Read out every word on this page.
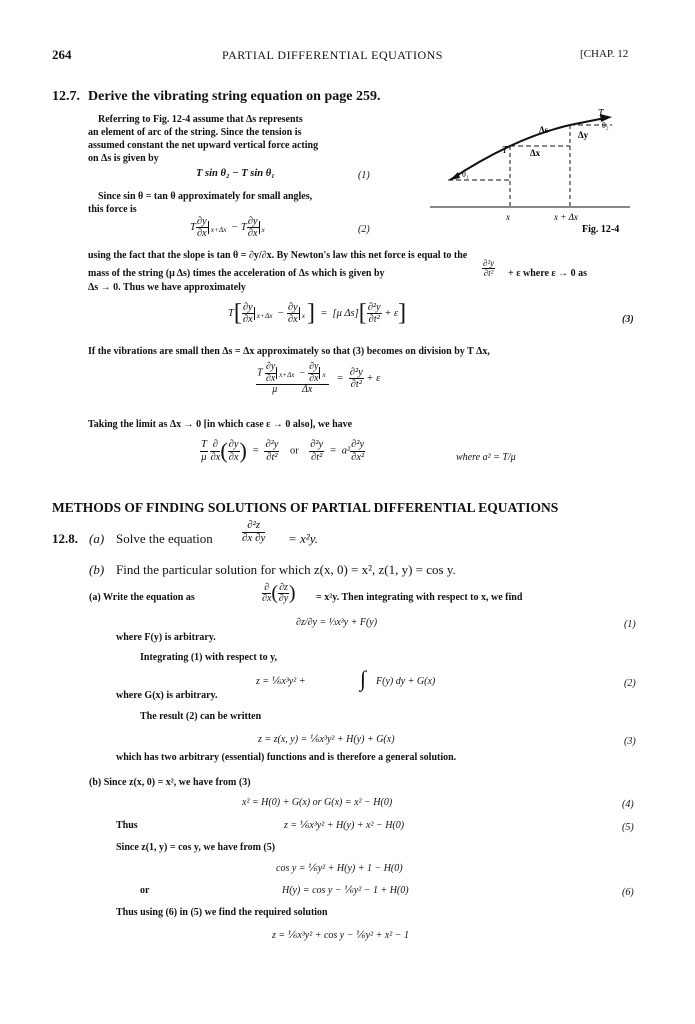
264	PARTIAL DIFFERENTIAL EQUATIONS	[CHAP. 12
12.7. Derive the vibrating string equation on page 259.
Referring to Fig. 12-4 assume that Δs represents
an element of arc of the string. Since the tension is
assumed constant the net upward vertical force acting
on Δs is given by
T sin θ₂ − T sin θ₁	(1)
Since sin θ = tan θ approximately for small angles,
this force is
T $\frac{\partial y}{\partial x} _{x+\Delta x} - T \frac{\partial y}{\partial x} _x$	(2)
T
T
Δs
Δx
Δy
θ₁
θ₂
x	x + Δx
Fig. 12-4
using the fact that the slope is tan θ = ∂y/∂x. By Newton's law this net force is equal to the
mass of the string (μ Δs) times the acceleration of Δs which is given by	$\frac{\text{∂²y}}{\text{∂t²}} + \varepsilon$ where ε → 0 as
Δs → 0. Thus we have approximately
$T[ \frac{\partial y}{\partial x} _{x+\Delta x} - \frac{\partial y}{\partial x} _x] = [\mu$ $\Delta s][ \frac{\text{∂²y}}{\text{∂t²}} + \varepsilon]$	(3)
If the vibrations are small then Δs = Δx approximately so that (3) becomes on division by T Δx,
$\frac{T \frac{\partial y}{\partial x} _{x+\Delta x} - \frac{\partial y}{\partial x} _x}{\text{μ          Δx}} = \frac{\text{∂²y}}{\text{∂t²}} + \varepsilon$
Taking the limit as Δx → 0 [in which case ε → 0 also], we have
$\frac{T}{\mu}$
$\frac{\partial}{\partial x}$ ( $\frac{\partial y}{\partial x}$ )  = $\frac{\text{∂²y}}{\text{∂t²}}$ or $\frac{\text{∂²y}}{\text{∂t²}} = a^2 \frac{\text{∂²y}}{\text{∂x²}}$	where a² = T/μ
METHODS OF FINDING SOLUTIONS OF PARTIAL DIFFERENTIAL EQUATIONS
12.8. (a) Solve the equation	$\frac{\text{∂²z}}{\partial x \partial y} = x^2y$.
(b) Find the particular solution for which z(x, 0) = x², z(1, y) = cos y.
(a) Write the equation as	$\frac{\partial}{\partial x}$ ( $\frac{\partial z}{\partial y}$ ) = x²y. Then integrating with respect to x, we find
∂z/∂y = ⅓x³y + F(y)	(1)
where F(y) is arbitrary.
Integrating (1) with respect to y,
z = ⅙x³y² + ∫ F(y) dy + G(x)	(2)
where G(x) is arbitrary.
The result (2) can be written
z = z(x, y) = ⅙x³y² + H(y) + G(x)	(3)
which has two arbitrary (essential) functions and is therefore a general solution.
(b) Since z(x, 0) = x², we have from (3)
x² = H(0) + G(x) or G(x) = x² − H(0)	(4)
Thus	z = ⅙x³y² + H(y) + x² − H(0)	(5)
Since z(1, y) = cos y, we have from (5)
cos y = ⅙y² + H(y) + 1 − H(0)
or	H(y) = cos y − ⅙y² − 1 + H(0)	(6)
Thus using (6) in (5) we find the required solution
z = ⅙x³y² + cos y − ⅙y² + x² − 1
